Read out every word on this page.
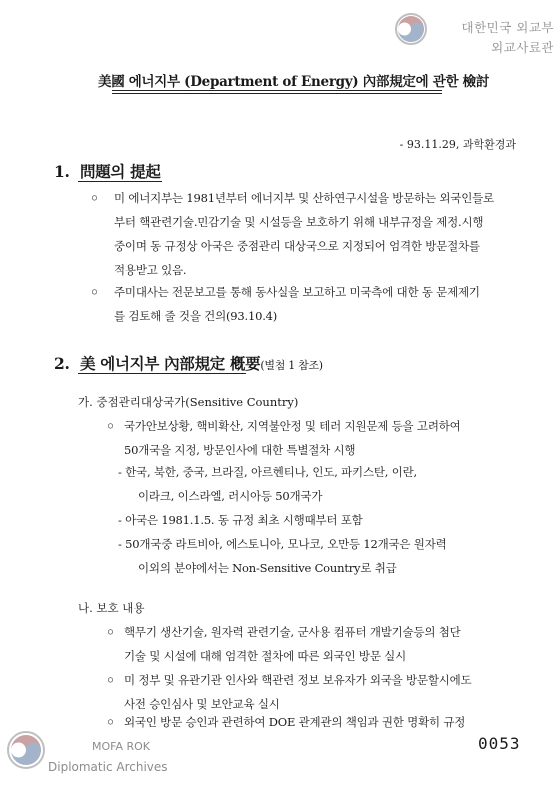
대한민국 외교부
외교사료관
美國 에너지부 (Department of Energy) 內部規定에 관한 檢討
- 93.11.29, 과학환경과
1. 問題의 提起
◦ 미 에너지부는 1981년부터 에너지부 및 산하연구시설을 방문하는 외국인들로
부터 핵관련기술.민감기술 및 시설등을 보호하기 위해 내부규정을 제정.시행
중이며 동 규정상 아국은 중점관리 대상국으로 지정되어 엄격한 방문절차를
적용받고 있음.
◦ 주미대사는 전문보고를 통해 동사실을 보고하고 미국측에 대한 동 문제제기
를 검토해 줄 것을 건의(93.10.4)
2. 美 에너지부 內部規定 槪要(별첨 1 참조)
가. 중점관리대상국가(Sensitive Country)
◦ 국가안보상황, 핵비확산, 지역불안정 및 테러 지원문제 등을 고려하여
50개국을 지정, 방문인사에 대한 특별절차 시행
- 한국, 북한, 중국, 브라질, 아르헨티나, 인도, 파키스탄, 이란,
이라크, 이스라엘, 러시아등 50개국가
- 아국은 1981.1.5. 동 규정 최초 시행때부터 포함
- 50개국중 라트비아, 에스토니아, 모나코, 오만등 12개국은 원자력
이외의 분야에서는 Non-Sensitive Country로 취급
나. 보호 내용
◦ 핵무기 생산기술, 원자력 관련기술, 군사용 컴퓨터 개발기술등의 첨단
기술 및 시설에 대해 엄격한 절차에 따른 외국인 방문 실시
◦ 미 정부 및 유관기관 인사와 핵관련 정보 보유자가 외국을 방문할시에도
사전 승인심사 및 보안교육 실시
◦ 외국인 방문 승인과 관련하여 DOE 관계관의 책임과 권한 명확히 규정
0053
MOFA ROK
Diplomatic Archives
